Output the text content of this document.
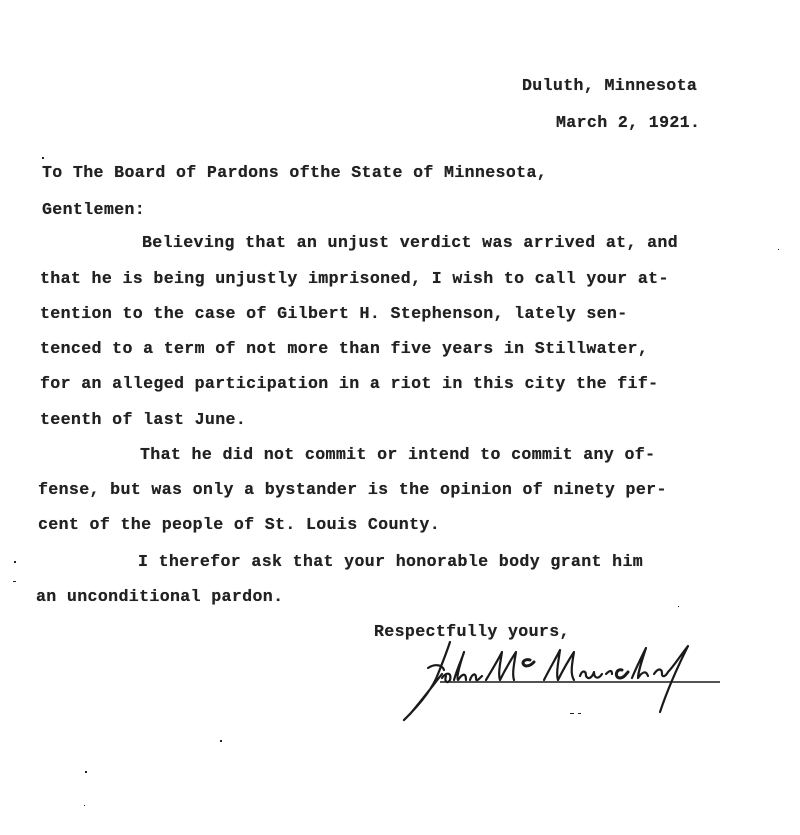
Duluth, Minnesota
March 2, 1921.
To The Board of Pardons ofthe State of Minnesota,
Gentlemen:
Believing that an unjust verdict was arrived at, and
that he is being unjustly imprisoned, I wish to call your at-
tention to the case of Gilbert H. Stephenson, lately sen-
tenced to a term of not more than five years in Stillwater,
for an alleged participation in a riot in this city the fif-
teenth of last June.
That he did not commit or intend to commit any of-
fense, but was only a bystander is the opinion of ninety per-
cent of the people of St. Louis County.
I therefor ask that your honorable body grant him
an unconditional pardon.
Respectfully yours,
